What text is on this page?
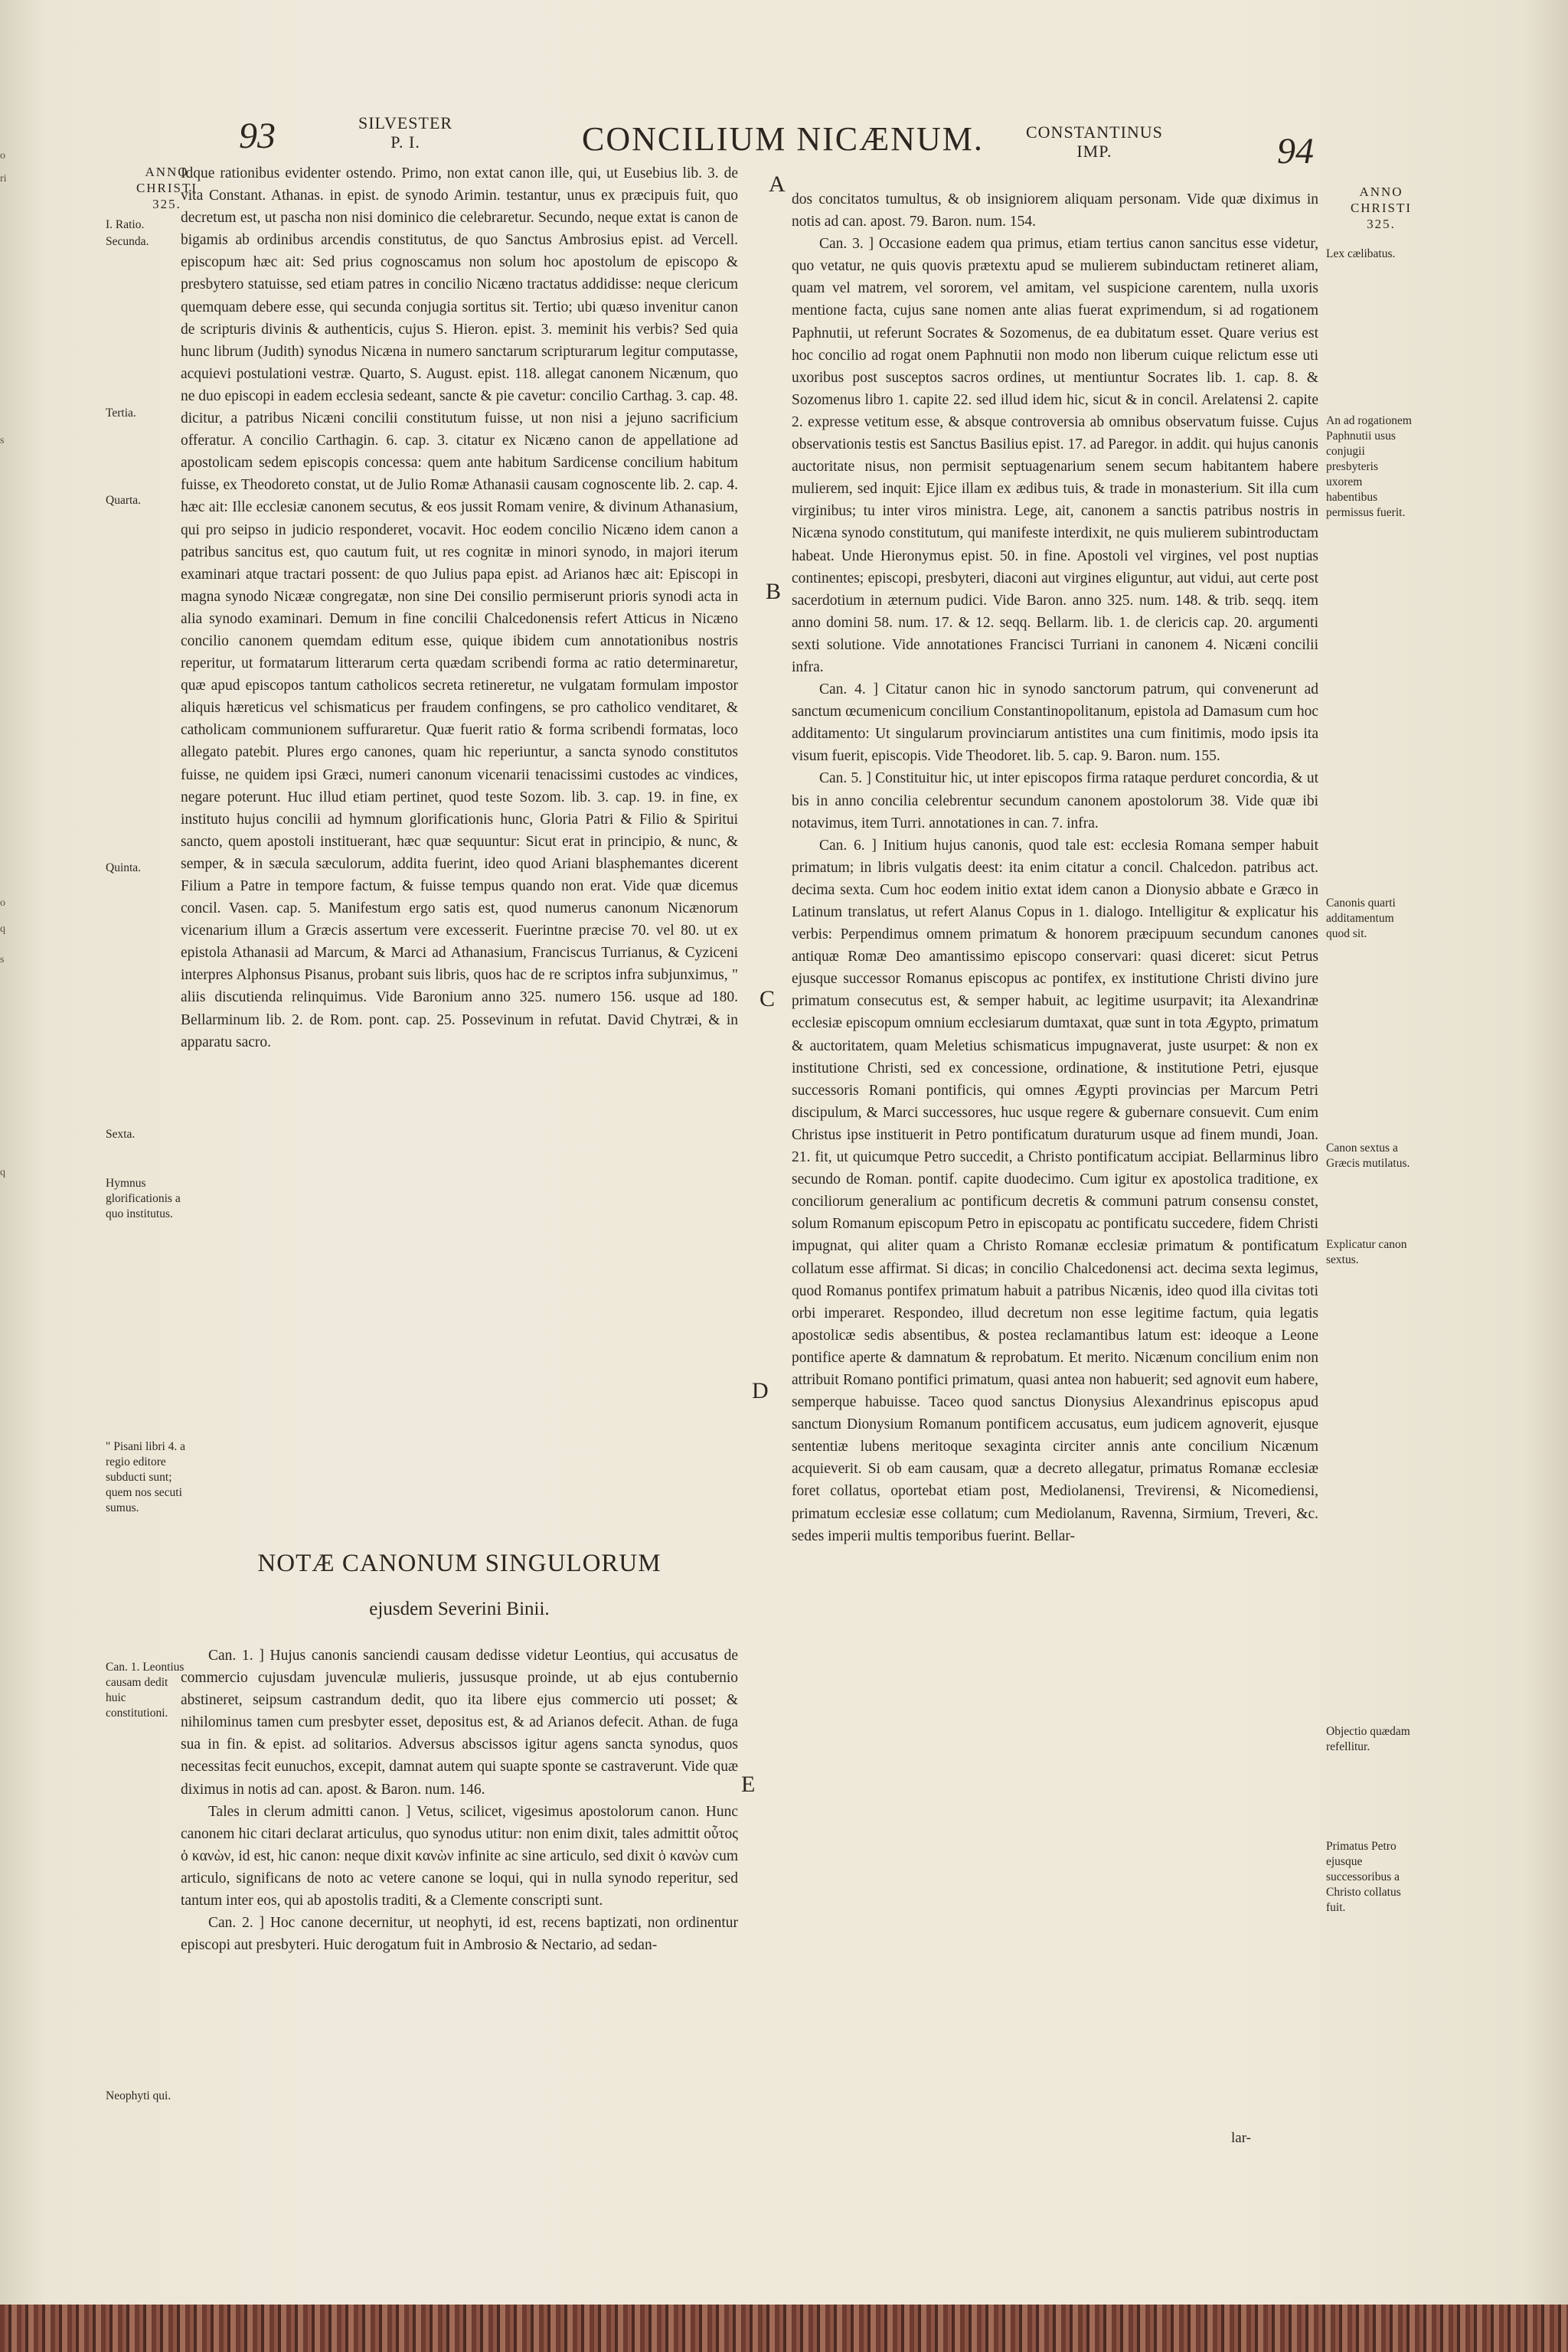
93	SILVESTER
P. I.	CONCILIUM NICÆNUM.	CONSTANTINUS
IMP.	94
ANNO
CHRISTI
325.
ANNO
CHRISTI
325.
I. Ratio.
Secunda.
Tertia.
Quarta.
Quinta.
Sexta.
Hymnus glorificationis a quo institutus.
" Pisani libri 4. a regio editore subducti sunt; quem nos secuti sumus.
Can. 1. Leontius causam dedit huic constitutioni.
Neophyti qui.
Lex cælibatus.
An ad rogationem Paphnutii usus conjugii presbyteris uxorem habentibus permissus fuerit.
Canonis quarti additamentum quod sit.
Canon sextus a Græcis mutilatus.
Explicatur canon sextus.
Objectio quædam refellitur.
Primatus Petro ejusque successoribus a Christo collatus fuit.
A
B
C
D
E

Idque rationibus evidenter ostendo. Primo, non extat canon ille, qui, ut Eusebius lib. 3. de vita Constant. Athanas. in epist. de synodo Arimin. testantur, unus ex præcipuis fuit, quo decretum est, ut pascha non nisi dominico die celebraretur. Secundo, neque extat is canon de bigamis ab ordinibus arcendis constitutus, de quo Sanctus Ambrosius epist. ad Vercell. episcopum hæc ait: Sed prius cognoscamus non solum hoc apostolum de episcopo & presbytero statuisse, sed etiam patres in concilio Nicæno tractatus addidisse: neque clericum quemquam debere esse, qui secunda conjugia sortitus sit. Tertio; ubi quæso invenitur canon de scripturis divinis & authenticis, cujus S. Hieron. epist. 3. meminit his verbis? Sed quia hunc librum (Judith) synodus Nicæna in numero sanctarum scripturarum legitur computasse, acquievi postulationi vestræ. Quarto, S. August. epist. 118. allegat canonem Nicænum, quo ne duo episcopi in eadem ecclesia sedeant, sancte & pie cavetur: concilio Carthag. 3. cap. 48. dicitur, a patribus Nicæni concilii constitutum fuisse, ut non nisi a jejuno sacrificium offeratur. A concilio Carthagin. 6. cap. 3. citatur ex Nicæno canon de appellatione ad apostolicam sedem episcopis concessa: quem ante habitum Sardicense concilium habitum fuisse, ex Theodoreto constat, ut de Julio Romæ Athanasii causam cognoscente lib. 2. cap. 4. hæc ait: Ille ecclesiæ canonem secutus, & eos jussit Romam venire, & divinum Athanasium, qui pro seipso in judicio responderet, vocavit. Hoc eodem concilio Nicæno idem canon a patribus sancitus est, quo cautum fuit, ut res cognitæ in minori synodo, in majori iterum examinari atque tractari possent: de quo Julius papa epist. ad Arianos hæc ait: Episcopi in magna synodo Nicææ congregatæ, non sine Dei consilio permiserunt prioris synodi acta in alia synodo examinari. Demum in fine concilii Chalcedonensis refert Atticus in Nicæno concilio canonem quemdam editum esse, quique ibidem cum annotationibus nostris reperitur, ut formatarum litterarum certa quædam scribendi forma ac ratio determinaretur, quæ apud episcopos tantum catholicos secreta retineretur, ne vulgatam formulam impostor aliquis hæreticus vel schismaticus per fraudem confingens, se pro catholico venditaret, & catholicam communionem suffuraretur. Quæ fuerit ratio & forma scribendi formatas, loco allegato patebit. Plures ergo canones, quam hic reperiuntur, a sancta synodo constitutos fuisse, ne quidem ipsi Græci, numeri canonum vicenarii tenacissimi custodes ac vindices, negare poterunt. Huc illud etiam pertinet, quod teste Sozom. lib. 3. cap. 19. in fine, ex instituto hujus concilii ad hymnum glorificationis hunc, Gloria Patri & Filio & Spiritui sancto, quem apostoli instituerant, hæc quæ sequuntur: Sicut erat in principio, & nunc, & semper, & in sæcula sæculorum, addita fuerint, ideo quod Ariani blasphemantes dicerent Filium a Patre in tempore factum, & fuisse tempus quando non erat. Vide quæ dicemus concil. Vasen. cap. 5. Manifestum ergo satis est, quod numerus canonum Nicænorum vicenarium illum a Græcis assertum vere excesserit. Fuerintne præcise 70. vel 80. ut ex epistola Athanasii ad Marcum, & Marci ad Athanasium, Franciscus Turrianus, & Cyziceni interpres Alphonsus Pisanus, probant suis libris, quos hac de re scriptos infra subjunximus, " aliis discutienda relinquimus. Vide Baronium anno 325. numero 156. usque ad 180. Bellarminum lib. 2. de Rom. pont. cap. 25. Possevinum in refutat. David Chytræi, & in apparatu sacro.

NOTÆ CANONUM SINGULORUM
ejusdem Severini Binii.

Can. 1. ] Hujus canonis sanciendi causam dedisse videtur Leontius, qui accusatus de commercio cujusdam juvenculæ mulieris, jussusque proinde, ut ab ejus contubernio abstineret, seipsum castrandum dedit, quo ita libere ejus commercio uti posset; & nihilominus tamen cum presbyter esset, depositus est, & ad Arianos defecit. Athan. de fuga sua in fin. & epist. ad solitarios. Adversus abscissos igitur agens sancta synodus, quos necessitas fecit eunuchos, excepit, damnat autem qui suapte sponte se castraverunt. Vide quæ diximus in notis ad can. apost. & Baron. num. 146.

Tales in clerum admitti canon. ] Vetus, scilicet, vigesimus apostolorum canon. Hunc canonem hic citari declarat articulus, quo synodus utitur: non enim dixit, tales admittit οὗτος ὁ κανὼν, id est, hic canon: neque dixit κανὼν infinite ac sine articulo, sed dixit ὁ κανὼν cum articulo, significans de noto ac vetere canone se loqui, qui in nulla synodo reperitur, sed tantum inter eos, qui ab apostolis traditi, & a Clemente conscripti sunt.

Can. 2. ] Hoc canone decernitur, ut neophyti, id est, recens baptizati, non ordinentur episcopi aut presbyteri. Huic derogatum fuit in Ambrosio & Nectario, ad sedan-

dos concitatos tumultus, & ob insigniorem aliquam personam. Vide quæ diximus in notis ad can. apost. 79. Baron. num. 154.

Can. 3. ] Occasione eadem qua primus, etiam tertius canon sancitus esse videtur, quo vetatur, ne quis quovis prætextu apud se mulierem subinductam retineret aliam, quam vel matrem, vel sororem, vel amitam, vel suspicione carentem, nulla uxoris mentione facta, cujus sane nomen ante alias fuerat exprimendum, si ad rogationem Paphnutii, ut referunt Socrates & Sozomenus, de ea dubitatum esset. Quare verius est hoc concilio ad rogat onem Paphnutii non modo non liberum cuique relictum esse uti uxoribus post susceptos sacros ordines, ut mentiuntur Socrates lib. 1. cap. 8. & Sozomenus libro 1. capite 22. sed illud idem hic, sicut & in concil. Arelatensi 2. capite 2. expresse vetitum esse, & absque controversia ab omnibus observatum fuisse. Cujus observationis testis est Sanctus Basilius epist. 17. ad Paregor. in addit. qui hujus canonis auctoritate nisus, non permisit septuagenarium senem secum habitantem habere mulierem, sed inquit: Ejice illam ex ædibus tuis, & trade in monasterium. Sit illa cum virginibus; tu inter viros ministra. Lege, ait, canonem a sanctis patribus nostris in Nicæna synodo constitutum, qui manifeste interdixit, ne quis mulierem subintroductam habeat. Unde Hieronymus epist. 50. in fine. Apostoli vel virgines, vel post nuptias continentes; episcopi, presbyteri, diaconi aut virgines eliguntur, aut vidui, aut certe post sacerdotium in æternum pudici. Vide Baron. anno 325. num. 148. & trib. seqq. item anno domini 58. num. 17. & 12. seqq. Bellarm. lib. 1. de clericis cap. 20. argumenti sexti solutione. Vide annotationes Francisci Turriani in canonem 4. Nicæni concilii infra.

Can. 4. ] Citatur canon hic in synodo sanctorum patrum, qui convenerunt ad sanctum œcumenicum concilium Constantinopolitanum, epistola ad Damasum cum hoc additamento: Ut singularum provinciarum antistites una cum finitimis, modo ipsis ita visum fuerit, episcopis. Vide Theodoret. lib. 5. cap. 9. Baron. num. 155.

Can. 5. ] Constituitur hic, ut inter episcopos firma rataque perduret concordia, & ut bis in anno concilia celebrentur secundum canonem apostolorum 38. Vide quæ ibi notavimus, item Turri. annotationes in can. 7. infra.

Can. 6. ] Initium hujus canonis, quod tale est: ecclesia Romana semper habuit primatum; in libris vulgatis deest: ita enim citatur a concil. Chalcedon. patribus act. decima sexta. Cum hoc eodem initio extat idem canon a Dionysio abbate e Græco in Latinum translatus, ut refert Alanus Copus in 1. dialogo. Intelligitur & explicatur his verbis: Perpendimus omnem primatum & honorem præcipuum secundum canones antiquæ Romæ Deo amantissimo episcopo conservari: quasi diceret: sicut Petrus ejusque successor Romanus episcopus ac pontifex, ex institutione Christi divino jure primatum consecutus est, & semper habuit, ac legitime usurpavit; ita Alexandrinæ ecclesiæ episcopum omnium ecclesiarum dumtaxat, quæ sunt in tota Ægypto, primatum & auctoritatem, quam Meletius schismaticus impugnaverat, juste usurpet: & non ex institutione Christi, sed ex concessione, ordinatione, & institutione Petri, ejusque successoris Romani pontificis, qui omnes Ægypti provincias per Marcum Petri discipulum, & Marci successores, huc usque regere & gubernare consuevit. Cum enim Christus ipse instituerit in Petro pontificatum duraturum usque ad finem mundi, Joan. 21. fit, ut quicumque Petro succedit, a Christo pontificatum accipiat. Bellarminus libro secundo de Roman. pontif. capite duodecimo. Cum igitur ex apostolica traditione, ex conciliorum generalium ac pontificum decretis & communi patrum consensu constet, solum Romanum episcopum Petro in episcopatu ac pontificatu succedere, fidem Christi impugnat, qui aliter quam a Christo Romanæ ecclesiæ primatum & pontificatum collatum esse affirmat. Si dicas; in concilio Chalcedonensi act. decima sexta legimus, quod Romanus pontifex primatum habuit a patribus Nicænis, ideo quod illa civitas toti orbi imperaret. Respondeo, illud decretum non esse legitime factum, quia legatis apostolicæ sedis absentibus, & postea reclamantibus latum est: ideoque a Leone pontifice aperte & damnatum & reprobatum. Et merito. Nicænum concilium enim non attribuit Romano pontifici primatum, quasi antea non habuerit; sed agnovit eum habere, semperque habuisse. Taceo quod sanctus Dionysius Alexandrinus episcopus apud sanctum Dionysium Romanum pontificem accusatus, eum judicem agnoverit, ejusque sententiæ lubens meritoque sexaginta circiter annis ante concilium Nicænum acquieverit. Si ob eam causam, quæ a decreto allegatur, primatus Romanæ ecclesiæ foret collatus, oportebat etiam post, Mediolanensi, Trevirensi, & Nicomediensi, primatum ecclesiæ esse collatum; cum Mediolanum, Ravenna, Sirmium, Treveri, &c. sedes imperii multis temporibus fuerint. Bellar-

lar-
o
ri
s
o
q
s
q
